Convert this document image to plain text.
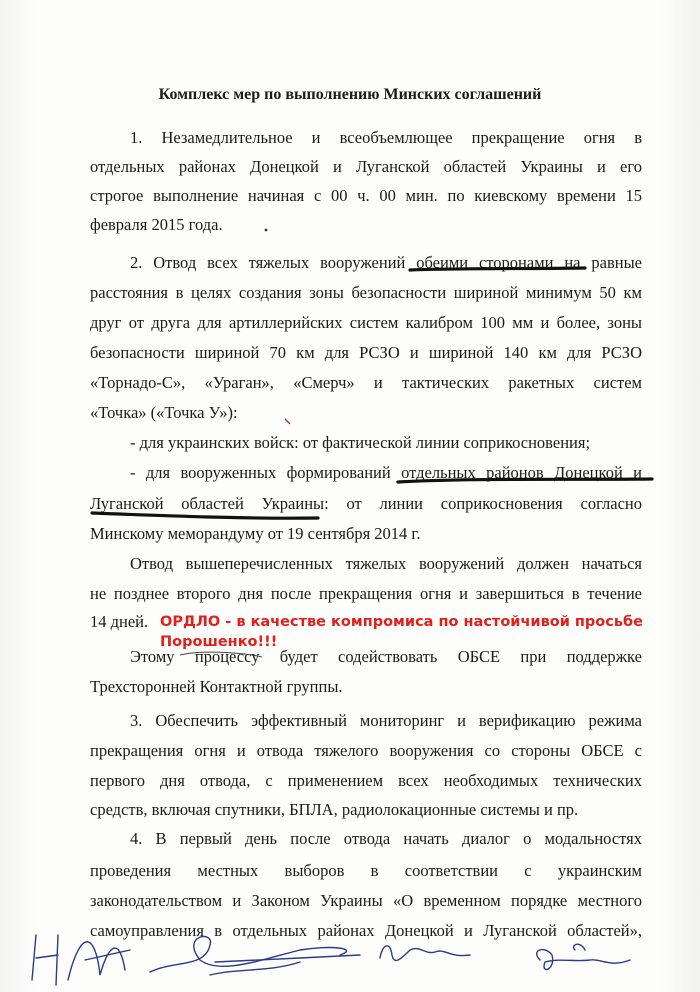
Комплекс мер по выполнению Минских соглашений
1. Незамедлительное и всеобъемлющее прекращение огня в
отдельных районах Донецкой и Луганской областей Украины и его
строгое выполнение начиная с 00 ч. 00 мин. по киевскому времени 15
февраля 2015 года.
2. Отвод всех тяжелых вооружений обеими сторонами на равные
расстояния в целях создания зоны безопасности шириной минимум 50 км
друг от друга для артиллерийских систем калибром 100 мм и более, зоны
безопасности шириной 70 км для РСЗО и шириной 140 км для РСЗО
«Торнадо-С», «Ураган», «Смерч» и тактических ракетных систем
«Точка» («Точка У»):
- для украинских войск: от фактической линии соприкосновения;
- для вооруженных формирований отдельных районов Донецкой и
Луганской областей Украины: от линии соприкосновения согласно
Минскому меморандуму от 19 сентября 2014 г.
Отвод вышеперечисленных тяжелых вооружений должен начаться
не позднее второго дня после прекращения огня и завершиться в течение
14 дней.
Этому процессу будет содействовать ОБСЕ при поддержке
Трехсторонней Контактной группы.
3. Обеспечить эффективный мониторинг и верификацию режима
прекращения огня и отвода тяжелого вооружения со стороны ОБСЕ с
первого дня отвода, с применением всех необходимых технических
средств, включая спутники, БПЛА, радиолокационные системы и пр.
4. В первый день после отвода начать диалог о модальностях
проведения местных выборов в соответствии с украинским
законодательством и Законом Украины «О временном порядке местного
самоуправления в отдельных районах Донецкой и Луганской областей»,
ОРДЛО - в качестве компромиса по настойчивой просьбе
Порошенко!!!
